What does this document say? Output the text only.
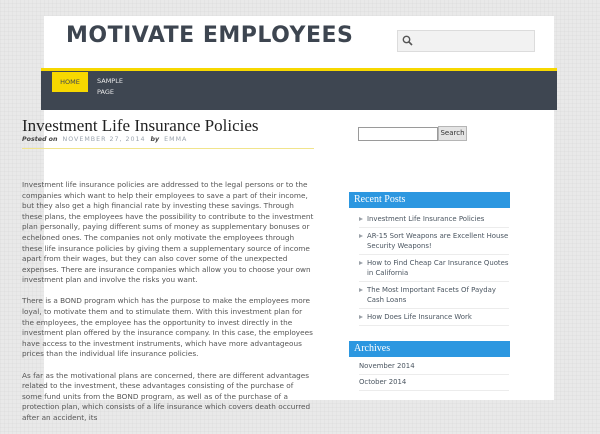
MOTIVATE EMPLOYEES
HOME	SAMPLE
PAGE
Investment Life Insurance Policies
Posted on NOVEMBER 27, 2014 by EMMA

Investment life insurance policies are addressed to the legal persons or to the companies which want to help their employees to save a part of their income, but they also get a high financial rate by investing these savings. Through these plans, the employees have the possibility to contribute to the investment plan personally, paying different sums of money as supplementary bonuses or echeloned ones. The companies not only motivate the employees through these life insurance policies by giving them a supplementary source of income apart from their wages, but they can also cover some of the unexpected expenses. There are insurance companies which allow you to choose your own investment plan and involve the risks you want.

There is a BOND program which has the purpose to make the employees more loyal, to motivate them and to stimulate them. With this investment plan for the employees, the employee has the opportunity to invest directly in the investment plan offered by the insurance company. In this case, the employees have access to the investment instruments, which have more advantageous prices than the individual life insurance policies.

As far as the motivational plans are concerned, there are different advantages related to the investment, these advantages consisting of the purchase of some fund units from the BOND program, as well as of the purchase of a protection plan, which consists of a life insurance which covers death occurred after an accident, its

Search
Recent Posts
Investment Life Insurance Policies
AR-15 Sort Weapons are Excellent House Security Weapons!
How to Find Cheap Car Insurance Quotes in California
The Most Important Facets Of Payday Cash Loans
How Does Life Insurance Work
Archives
November 2014
October 2014
